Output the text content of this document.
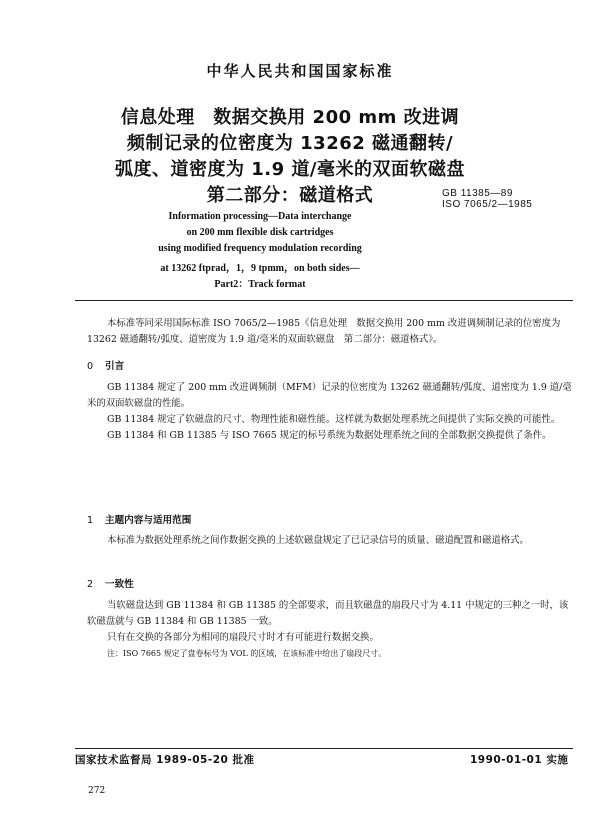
中华人民共和国国家标准
信息处理　数据交换用 200 mm 改进调
频制记录的位密度为 13262 磁通翻转/
弧度、道密度为 1.9 道/毫米的双面软磁盘
第二部分：磁道格式	GB 11385—89
ISO 7065/2—1985
Information processing—Data interchange
on 200 mm flexible disk cartridges
using modified frequency modulation recording
at 13262 ftprad，1，9 tpmm，on both sides—
Part2：Track format

本标准等同采用国际标准 ISO 7065/2—1985《信息处理　数据交换用 200 mm 改进调频制记录的位密度为 13262 磁通翻转/弧度、道密度为 1.9 道/毫米的双面软磁盘　第二部分：磁道格式》。

0 引言

GB 11384 规定了 200 mm 改进调频制（MFM）记录的位密度为 13262 磁通翻转/弧度、道密度为 1.9 道/毫米的双面软磁盘的性能。

GB 11384 规定了软磁盘的尺寸、物理性能和磁性能。这样就为数据处理系统之间提供了实际交换的可能性。

GB 11384 和 GB 11385 与 ISO 7665 规定的标号系统为数据处理系统之间的全部数据交换提供了条件。

1 主题内容与适用范围

本标准为数据处理系统之间作数据交换的上述软磁盘规定了已记录信号的质量、磁道配置和磁道格式。

2 一致性

当软磁盘达到 GB 11384 和 GB 11385 的全部要求，而且软磁盘的扇段尺寸为 4.11 中规定的三种之一时，该软磁盘就与 GB 11384 和 GB 11385 一致。

只有在交换的各部分为相同的扇段尺寸时才有可能进行数据交换。

注：ISO 7665 规定了盘卷标号为 VOL 的区域，在该标准中给出了扇段尺寸。
国家技术监督局 1989-05-20 批准	1990-01-01 实施
272
